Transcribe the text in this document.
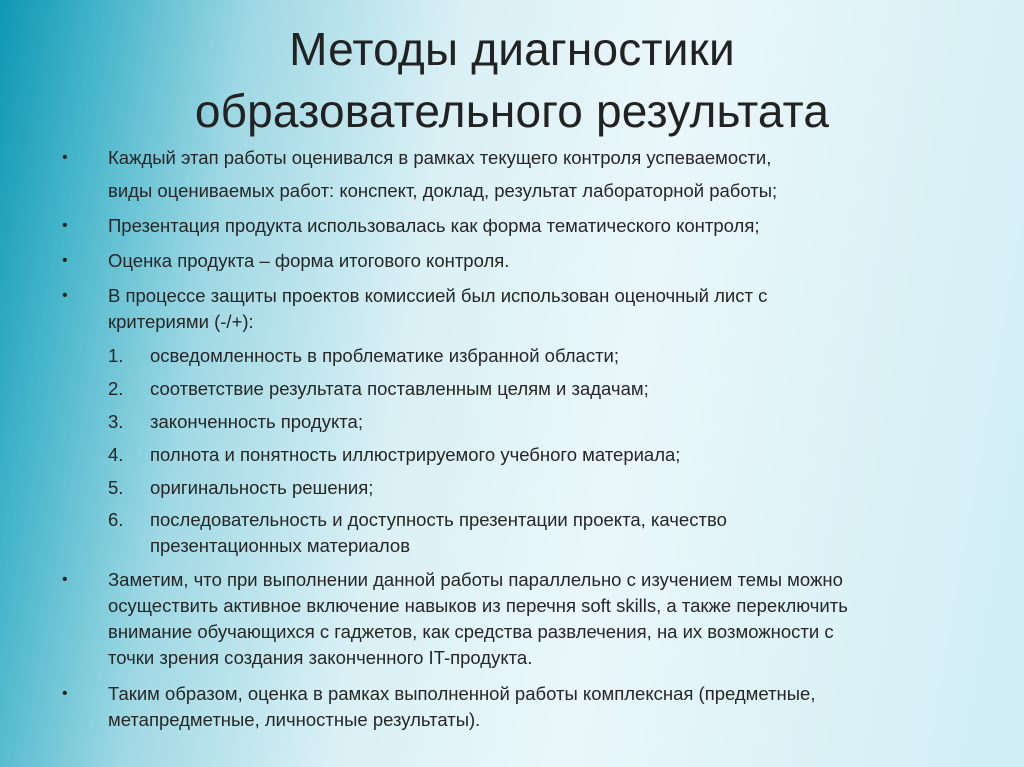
Методы диагностики
образовательного результата
•	Каждый этап работы оценивался в рамках текущего контроля успеваемости,
виды оцениваемых работ: конспект, доклад, результат лабораторной работы;
•	Презентация продукта использовалась как форма тематического контроля;
•	Оценка продукта – форма итогового контроля.
•	В процессе защиты проектов комиссией был использован оценочный лист с
критериями (-/+):
1.	осведомленность в проблематике избранной области;
2.	соответствие результата поставленным целям и задачам;
3.	законченность продукта;
4.	полнота и понятность иллюстрируемого учебного материала;
5.	оригинальность решения;
6.	последовательность и доступность презентации проекта, качество
презентационных материалов
•	Заметим, что при выполнении данной работы параллельно с изучением темы можно
осуществить активное включение навыков из перечня soft skills, а также переключить
внимание обучающихся с гаджетов, как средства развлечения, на их возможности с
точки зрения создания законченного IT-продукта.
•	Таким образом, оценка в рамках выполненной работы комплексная (предметные,
метапредметные, личностные результаты).
